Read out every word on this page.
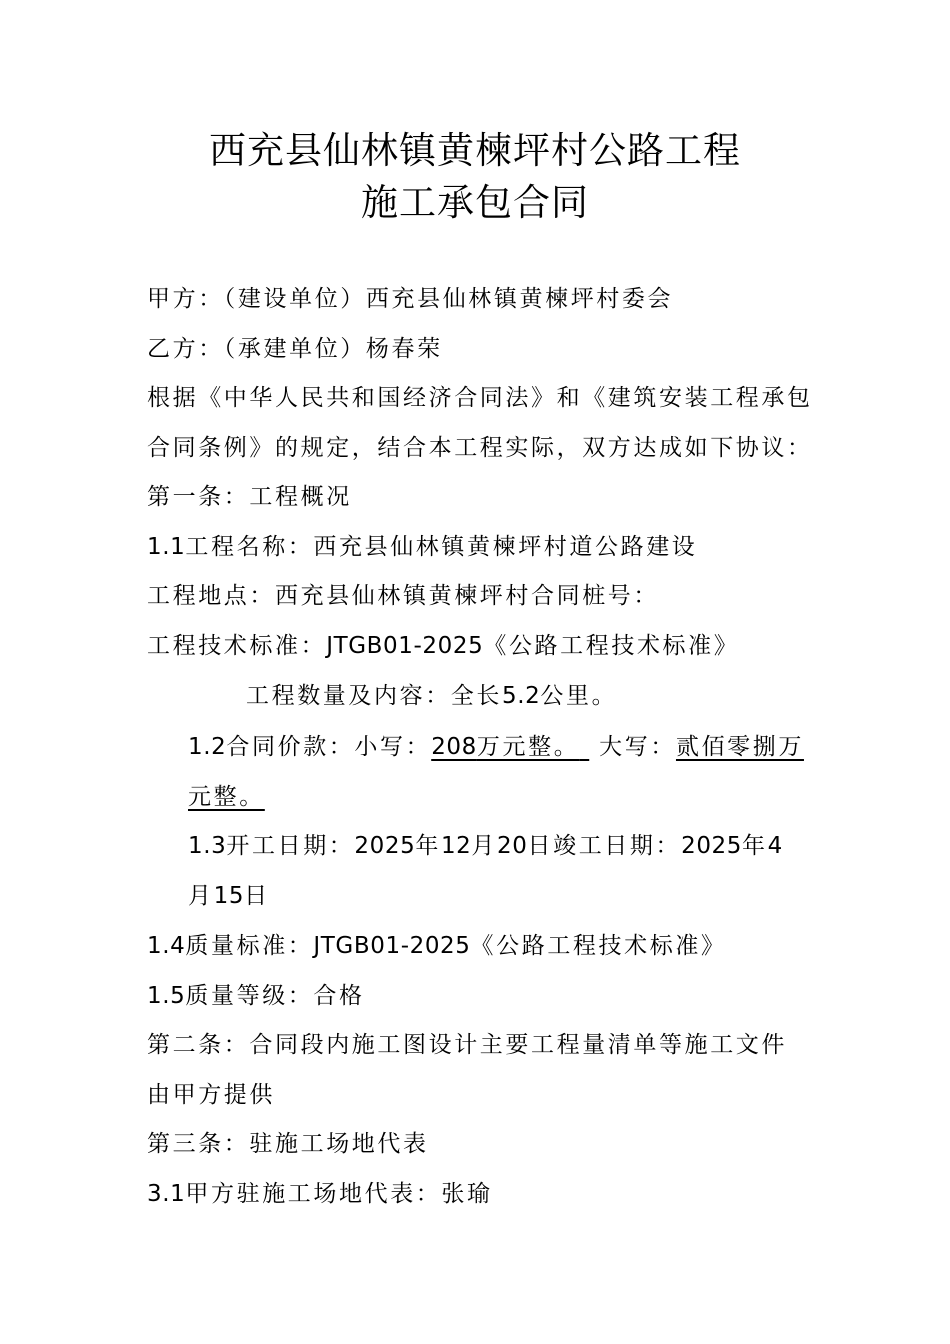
西充县仙林镇黄楝坪村公路工程
施工承包合同
甲方：（建设单位）西充县仙林镇黄楝坪村委会
乙方：（承建单位）杨春荣
根据《中华人民共和国经济合同法》和《建筑安装工程承包
合同条例》的规定，结合本工程实际，双方达成如下协议：
第一条：工程概况
1.1工程名称：西充县仙林镇黄楝坪村道公路建设
工程地点：西充县仙林镇黄楝坪村合同桩号：
工程技术标准：JTGB01-2025《公路工程技术标准》
工程数量及内容：全长5.2公里。
1.2合同价款：小写：208万元整。 大写：贰佰零捌万
元整。
1.3开工日期：2025年12月20日竣工日期：2025年4
月15日
1.4质量标准：JTGB01-2025《公路工程技术标准》
1.5质量等级：合格
第二条：合同段内施工图设计主要工程量清单等施工文件
由甲方提供
第三条：驻施工场地代表
3.1甲方驻施工场地代表：张瑜
